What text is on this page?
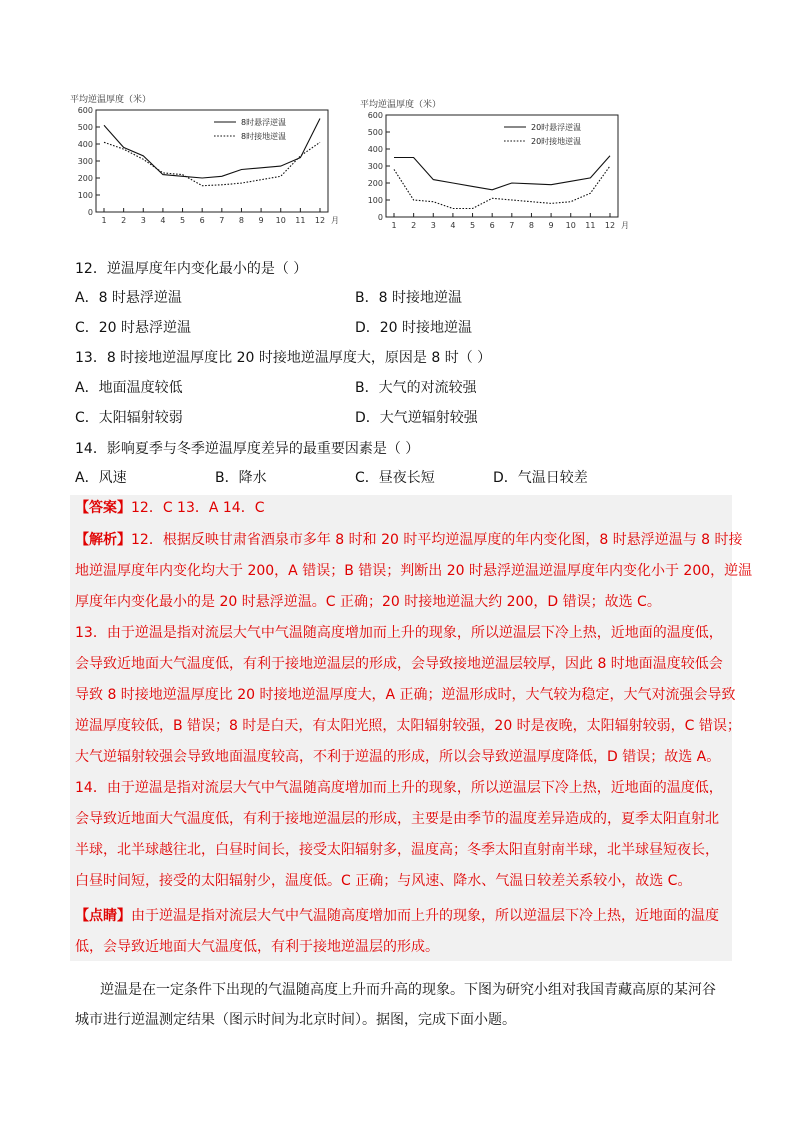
平均逆温厚度（米）
0
100
200
300
400
500
600
1 2 3 4 5 6 7 8 9 10 11 12 月
8时悬浮逆温
8时接地逆温
平均逆温厚度（米）
0
100
200
300
400
500
600
1 2 3 4 5 6 7 8 9 10 11 12 月
20时悬浮逆温
20时接地逆温
12．逆温厚度年内变化最小的是（ ）
A．8 时悬浮逆温	B．8 时接地逆温
C．20 时悬浮逆温	D．20 时接地逆温
13．8 时接地逆温厚度比 20 时接地逆温厚度大，原因是 8 时（ ）
A．地面温度较低	B．大气的对流较强
C．太阳辐射较弱	D．大气逆辐射较强
14．影响夏季与冬季逆温厚度差异的最重要因素是（ ）
A．风速	B．降水	C．昼夜长短	D．气温日较差
【答案】12．C 13．A 14．C
【解析】12．根据反映甘肃省酒泉市多年 8 时和 20 时平均逆温厚度的年内变化图，8 时悬浮逆温与 8 时接
地逆温厚度年内变化均大于 200，A 错误；B 错误；判断出 20 时悬浮逆温逆温厚度年内变化小于 200，逆温
厚度年内变化最小的是 20 时悬浮逆温。C 正确；20 时接地逆温大约 200，D 错误；故选 C。
13．由于逆温是指对流层大气中气温随高度增加而上升的现象，所以逆温层下冷上热，近地面的温度低，
会导致近地面大气温度低，有利于接地逆温层的形成，会导致接地逆温层较厚，因此 8 时地面温度较低会
导致 8 时接地逆温厚度比 20 时接地逆温厚度大，A 正确；逆温形成时，大气较为稳定，大气对流强会导致
逆温厚度较低，B 错误；8 时是白天，有太阳光照，太阳辐射较强，20 时是夜晚，太阳辐射较弱，C 错误；
大气逆辐射较强会导致地面温度较高，不利于逆温的形成，所以会导致逆温厚度降低，D 错误；故选 A。
14．由于逆温是指对流层大气中气温随高度增加而上升的现象，所以逆温层下冷上热，近地面的温度低，
会导致近地面大气温度低，有利于接地逆温层的形成，主要是由季节的温度差异造成的，夏季太阳直射北
半球，北半球越往北，白昼时间长，接受太阳辐射多，温度高；冬季太阳直射南半球，北半球昼短夜长，
白昼时间短，接受的太阳辐射少，温度低。C 正确；与风速、降水、气温日较差关系较小，故选 C。
【点睛】由于逆温是指对流层大气中气温随高度增加而上升的现象，所以逆温层下冷上热，近地面的温度
低，会导致近地面大气温度低，有利于接地逆温层的形成。
逆温是在一定条件下出现的气温随高度上升而升高的现象。下图为研究小组对我国青藏高原的某河谷
城市进行逆温测定结果（图示时间为北京时间）。据图，完成下面小题。
